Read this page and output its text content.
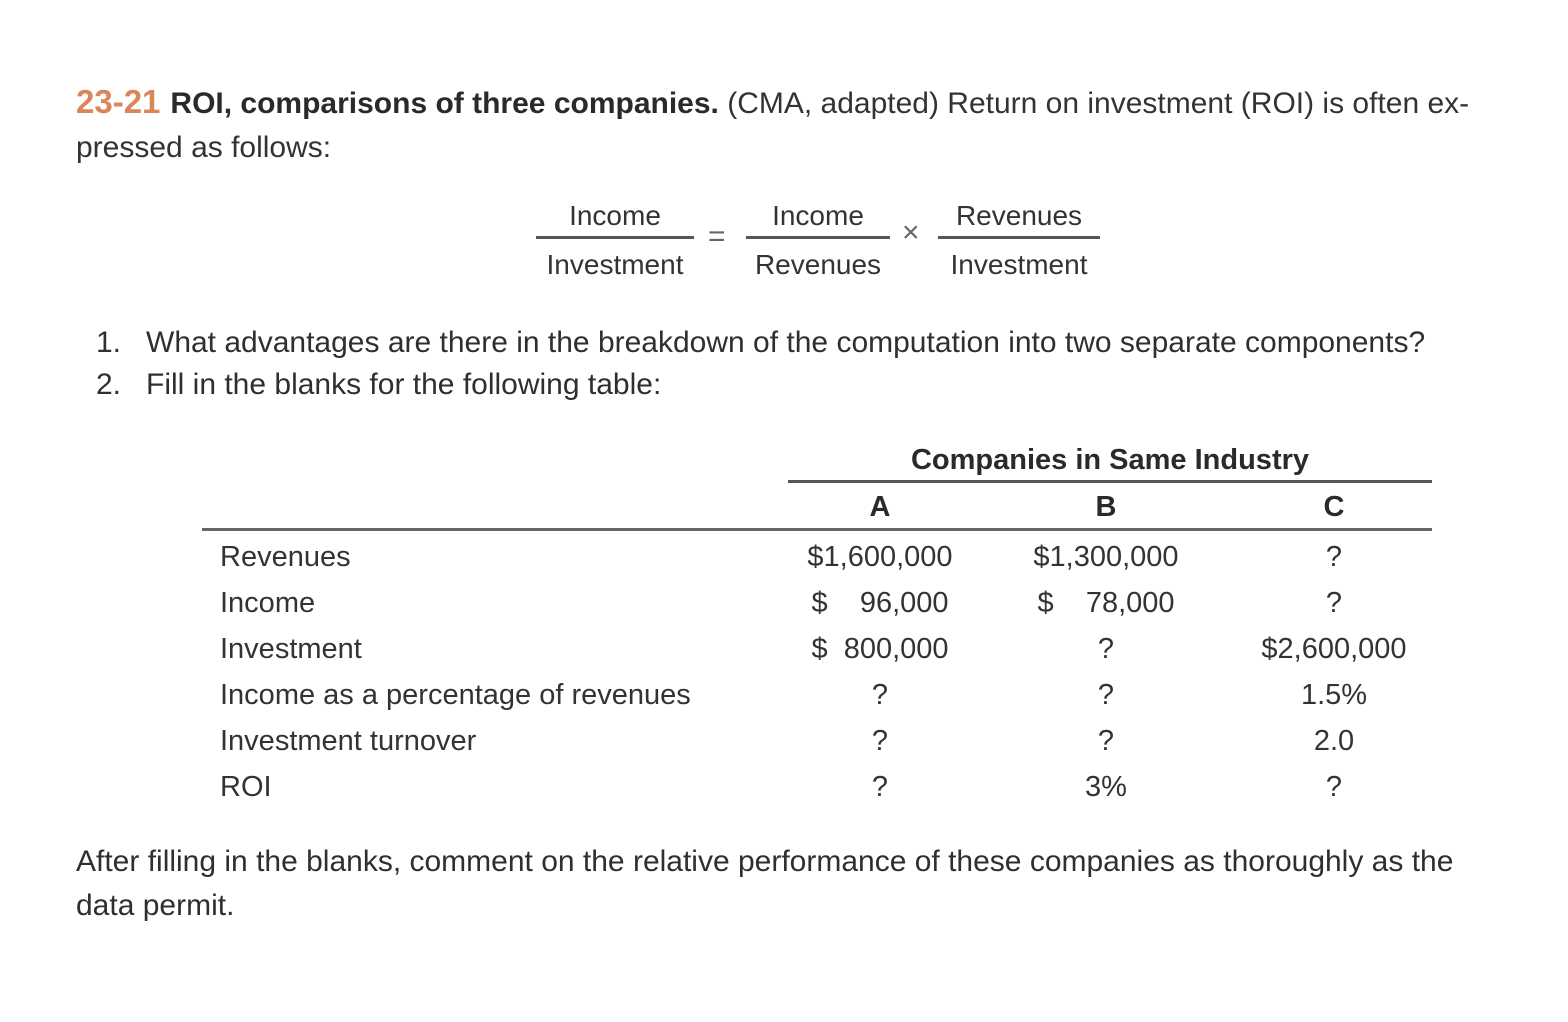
23-21 ROI, comparisons of three companies. (CMA, adapted) Return on investment (ROI) is often ex-
pressed as follows:
Income
Investment
=
Income
Revenues
×
Revenues
Investment
1. What advantages are there in the breakdown of the computation into two separate components?
2. Fill in the blanks for the following table:
Companies in Same Industry
A	B	C
Revenues	$1,600,000	$1,300,000	?
Income	$    96,000	$    78,000	?
Investment	$  800,000	?	$2,600,000
Income as a percentage of revenues	?	?	1.5%
Investment turnover	?	?	2.0
ROI	?	3%	?
After filling in the blanks, comment on the relative performance of these companies as thoroughly as the
data permit.
